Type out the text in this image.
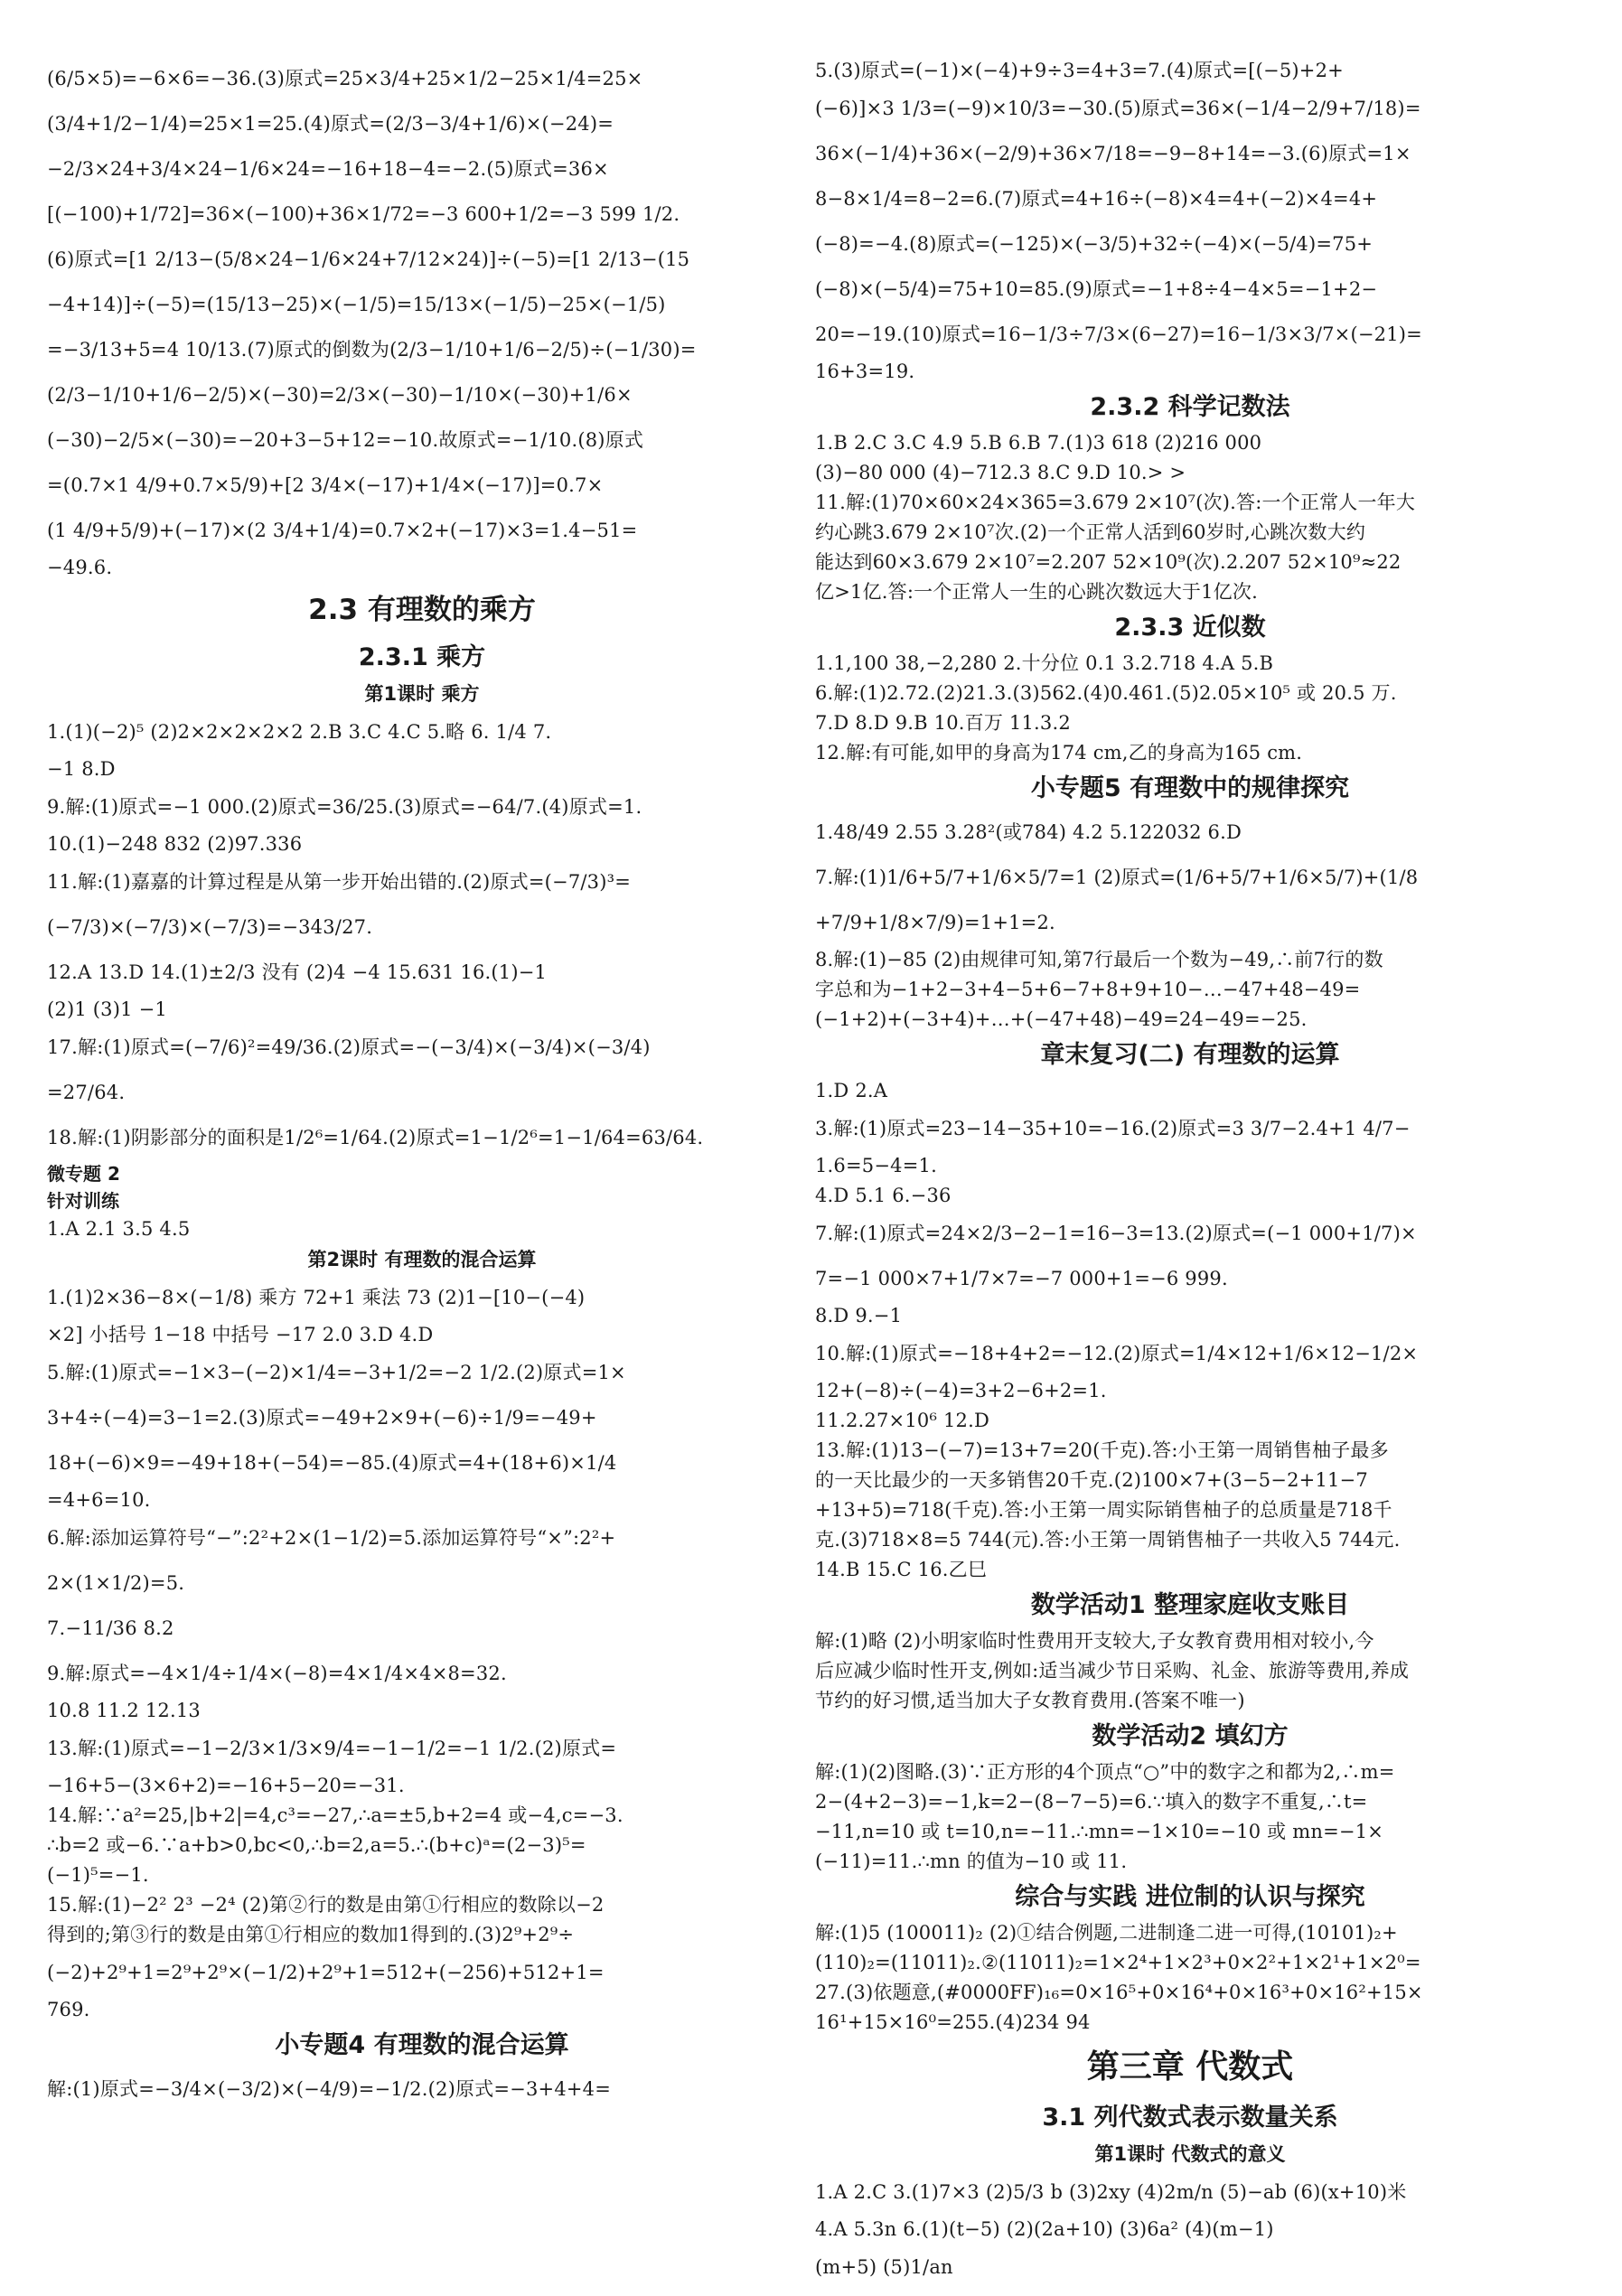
(6/5×5)=−6×6=−36.(3)原式=25×3/4+25×1/2−25×1/4=25×
(3/4+1/2−1/4)=25×1=25.(4)原式=(2/3−3/4+1/6)×(−24)=
−2/3×24+3/4×24−1/6×24=−16+18−4=−2.(5)原式=36×
[(−100)+1/72]=36×(−100)+36×1/72=−3 600+1/2=−3 599 1/2.
(6)原式=[1 2/13−(5/8×24−1/6×24+7/12×24)]÷(−5)=[1 2/13−(15
−4+14)]÷(−5)=(15/13−25)×(−1/5)=15/13×(−1/5)−25×(−1/5)
=−3/13+5=4 10/13.(7)原式的倒数为(2/3−1/10+1/6−2/5)÷(−1/30)=
(2/3−1/10+1/6−2/5)×(−30)=2/3×(−30)−1/10×(−30)+1/6×
(−30)−2/5×(−30)=−20+3−5+12=−10.故原式=−1/10.(8)原式
=(0.7×1 4/9+0.7×5/9)+[2 3/4×(−17)+1/4×(−17)]=0.7×
(1 4/9+5/9)+(−17)×(2 3/4+1/4)=0.7×2+(−17)×3=1.4−51=
−49.6.
2.3 有理数的乘方
2.3.1 乘方
第1课时 乘方
1.(1)(−2)⁵ (2)2×2×2×2×2 2.B 3.C 4.C 5.略 6. 1/4 7.
−1 8.D
9.解:(1)原式=−1 000.(2)原式=36/25.(3)原式=−64/7.(4)原式=1.
10.(1)−248 832 (2)97.336
11.解:(1)嘉嘉的计算过程是从第一步开始出错的.(2)原式=(−7/3)³=
(−7/3)×(−7/3)×(−7/3)=−343/27.
12.A 13.D 14.(1)±2/3 没有 (2)4 −4 15.631 16.(1)−1
(2)1 (3)1 −1
17.解:(1)原式=(−7/6)²=49/36.(2)原式=−(−3/4)×(−3/4)×(−3/4)
=27/64.
18.解:(1)阴影部分的面积是1/2⁶=1/64.(2)原式=1−1/2⁶=1−1/64=63/64.
微专题 2
针对训练
1.A 2.1 3.5 4.5
第2课时 有理数的混合运算
1.(1)2×36−8×(−1/8) 乘方 72+1 乘法 73 (2)1−[10−(−4)
×2] 小括号 1−18 中括号 −17 2.0 3.D 4.D
5.解:(1)原式=−1×3−(−2)×1/4=−3+1/2=−2 1/2.(2)原式=1×
3+4÷(−4)=3−1=2.(3)原式=−49+2×9+(−6)÷1/9=−49+
18+(−6)×9=−49+18+(−54)=−85.(4)原式=4+(18+6)×1/4
=4+6=10.
6.解:添加运算符号“−”:2²+2×(1−1/2)=5.添加运算符号“×”:2²+
2×(1×1/2)=5.
7.−11/36 8.2
9.解:原式=−4×1/4÷1/4×(−8)=4×1/4×4×8=32.
10.8 11.2 12.13
13.解:(1)原式=−1−2/3×1/3×9/4=−1−1/2=−1 1/2.(2)原式=
−16+5−(3×6+2)=−16+5−20=−31.
14.解:∵a²=25,|b+2|=4,c³=−27,∴a=±5,b+2=4 或−4,c=−3.
∴b=2 或−6.∵a+b>0,bc<0,∴b=2,a=5.∴(b+c)ᵃ=(2−3)⁵=
(−1)⁵=−1.
15.解:(1)−2² 2³ −2⁴ (2)第②行的数是由第①行相应的数除以−2
得到的;第③行的数是由第①行相应的数加1得到的.(3)2⁹+2⁹÷
(−2)+2⁹+1=2⁹+2⁹×(−1/2)+2⁹+1=512+(−256)+512+1=
769.
小专题4 有理数的混合运算
解:(1)原式=−3/4×(−3/2)×(−4/9)=−1/2.(2)原式=−3+4+4=
5.(3)原式=(−1)×(−4)+9÷3=4+3=7.(4)原式=[(−5)+2+
(−6)]×3 1/3=(−9)×10/3=−30.(5)原式=36×(−1/4−2/9+7/18)=
36×(−1/4)+36×(−2/9)+36×7/18=−9−8+14=−3.(6)原式=1×
8−8×1/4=8−2=6.(7)原式=4+16÷(−8)×4=4+(−2)×4=4+
(−8)=−4.(8)原式=(−125)×(−3/5)+32÷(−4)×(−5/4)=75+
(−8)×(−5/4)=75+10=85.(9)原式=−1+8÷4−4×5=−1+2−
20=−19.(10)原式=16−1/3÷7/3×(6−27)=16−1/3×3/7×(−21)=
16+3=19.
2.3.2 科学记数法
1.B 2.C 3.C 4.9 5.B 6.B 7.(1)3 618 (2)216 000
(3)−80 000 (4)−712.3 8.C 9.D 10.> >
11.解:(1)70×60×24×365=3.679 2×10⁷(次).答:一个正常人一年大
约心跳3.679 2×10⁷次.(2)一个正常人活到60岁时,心跳次数大约
能达到60×3.679 2×10⁷=2.207 52×10⁹(次).2.207 52×10⁹≈22
亿>1亿.答:一个正常人一生的心跳次数远大于1亿次.
2.3.3 近似数
1.1,100 38,−2,280 2.十分位 0.1 3.2.718 4.A 5.B
6.解:(1)2.72.(2)21.3.(3)562.(4)0.461.(5)2.05×10⁵ 或 20.5 万.
7.D 8.D 9.B 10.百万 11.3.2
12.解:有可能,如甲的身高为174 cm,乙的身高为165 cm.
小专题5 有理数中的规律探究
1.48/49 2.55 3.28²(或784) 4.2 5.122032 6.D
7.解:(1)1/6+5/7+1/6×5/7=1 (2)原式=(1/6+5/7+1/6×5/7)+(1/8
+7/9+1/8×7/9)=1+1=2.
8.解:(1)−85 (2)由规律可知,第7行最后一个数为−49,∴前7行的数
字总和为−1+2−3+4−5+6−7+8+9+10−…−47+48−49=
(−1+2)+(−3+4)+…+(−47+48)−49=24−49=−25.
章末复习(二) 有理数的运算
1.D 2.A
3.解:(1)原式=23−14−35+10=−16.(2)原式=3 3/7−2.4+1 4/7−
1.6=5−4=1.
4.D 5.1 6.−36
7.解:(1)原式=24×2/3−2−1=16−3=13.(2)原式=(−1 000+1/7)×
7=−1 000×7+1/7×7=−7 000+1=−6 999.
8.D 9.−1
10.解:(1)原式=−18+4+2=−12.(2)原式=1/4×12+1/6×12−1/2×
12+(−8)÷(−4)=3+2−6+2=1.
11.2.27×10⁶ 12.D
13.解:(1)13−(−7)=13+7=20(千克).答:小王第一周销售柚子最多
的一天比最少的一天多销售20千克.(2)100×7+(3−5−2+11−7
+13+5)=718(千克).答:小王第一周实际销售柚子的总质量是718千
克.(3)718×8=5 744(元).答:小王第一周销售柚子一共收入5 744元.
14.B 15.C 16.乙巳
数学活动1 整理家庭收支账目
解:(1)略 (2)小明家临时性费用开支较大,子女教育费用相对较小,今
后应减少临时性开支,例如:适当减少节日采购、礼金、旅游等费用,养成
节约的好习惯,适当加大子女教育费用.(答案不唯一)
数学活动2 填幻方
解:(1)(2)图略.(3)∵正方形的4个顶点“○”中的数字之和都为2,∴m=
2−(4+2−3)=−1,k=2−(8−7−5)=6.∵填入的数字不重复,∴t=
−11,n=10 或 t=10,n=−11.∴mn=−1×10=−10 或 mn=−1×
(−11)=11.∴mn 的值为−10 或 11.
综合与实践 进位制的认识与探究
解:(1)5 (100011)₂ (2)①结合例题,二进制逢二进一可得,(10101)₂+
(110)₂=(11011)₂.②(11011)₂=1×2⁴+1×2³+0×2²+1×2¹+1×2⁰=
27.(3)依题意,(#0000FF)₁₆=0×16⁵+0×16⁴+0×16³+0×16²+15×
16¹+15×16⁰=255.(4)234 94
第三章 代数式
3.1 列代数式表示数量关系
第1课时 代数式的意义
1.A 2.C 3.(1)7×3 (2)5/3 b (3)2xy (4)2m/n (5)−ab (6)(x+10)米
4.A 5.3n 6.(1)(t−5) (2)(2a+10) (3)6a² (4)(m−1)
(m+5) (5)1/an
